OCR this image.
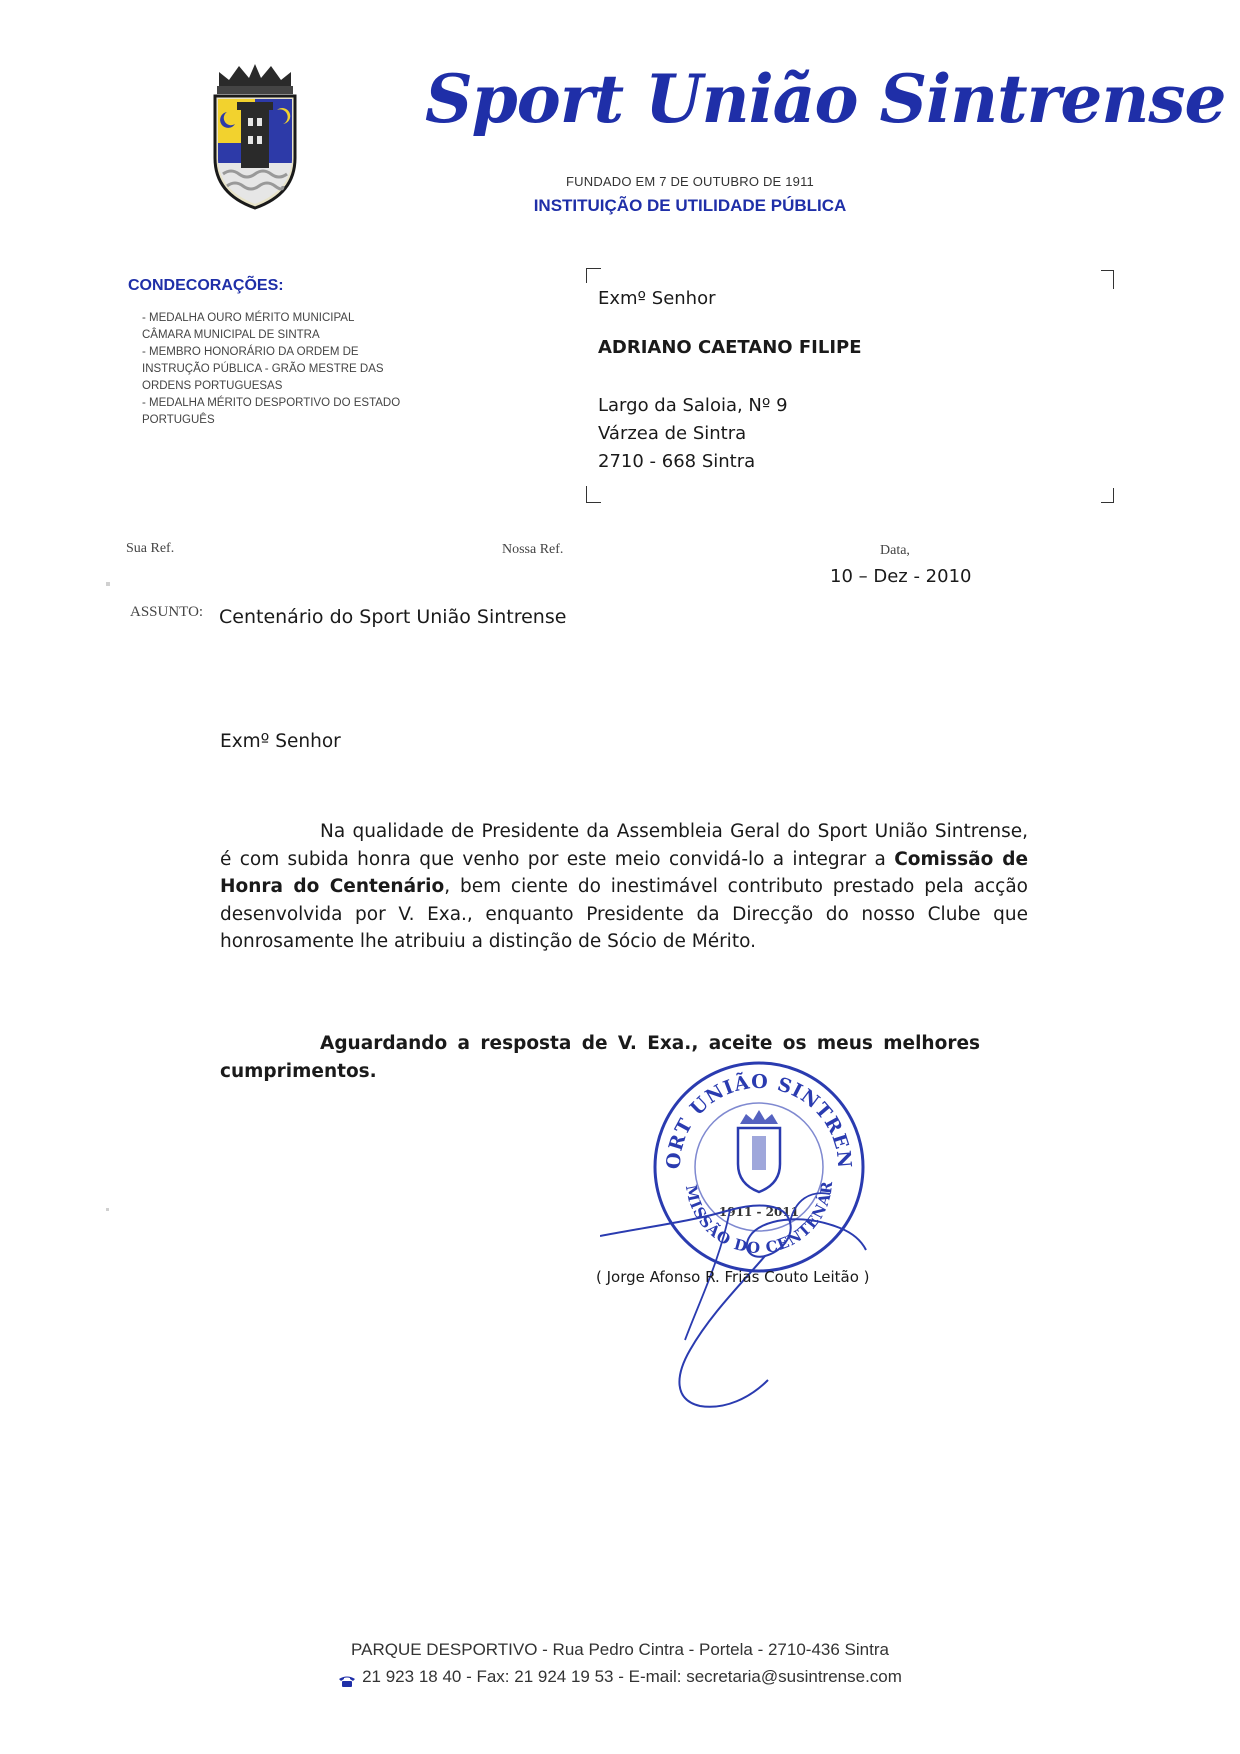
Sport União Sintrense
FUNDADO EM 7 DE OUTUBRO DE 1911
INSTITUIÇÃO DE UTILIDADE PÚBLICA
CONDECORAÇÕES:

- MEDALHA OURO MÉRITO MUNICIPAL CÂMARA MUNICIPAL DE SINTRA

- MEMBRO HONORÁRIO DA ORDEM DE INSTRUÇÃO PÚBLICA - GRÃO MESTRE DAS ORDENS PORTUGUESAS

- MEDALHA MÉRITO DESPORTIVO DO ESTADO PORTUGUÊS

Exmº Senhor
ADRIANO CAETANO FILIPE
Largo da Saloia, Nº 9
Várzea de Sintra
2710 - 668 Sintra
Sua Ref.	Nossa Ref.	Data,
10 – Dez - 2010
ASSUNTO: Centenário do Sport União Sintrense
Exmº Senhor
Na qualidade de Presidente da Assembleia Geral do Sport União Sintrense, é com subida honra que venho por este meio convidá-lo a integrar a Comissão de Honra do Centenário, bem ciente do inestimável contributo prestado pela acção desenvolvida por V. Exa., enquanto Presidente da Direcção do nosso Clube que honrosamente lhe atribuiu a distinção de Sócio de Mérito.
Aguardando a resposta de V. Exa., aceite os meus melhores cumprimentos.
ORT UNIÃO SINTREN
MISSÃO DO CENTENÁR
1911 - 2011
( Jorge Afonso R. Frias Couto Leitão )
PARQUE DESPORTIVO - Rua Pedro Cintra - Portela - 2710-436 Sintra
21 923 18 40 - Fax: 21 924 19 53 - E-mail: secretaria@susintrense.com
